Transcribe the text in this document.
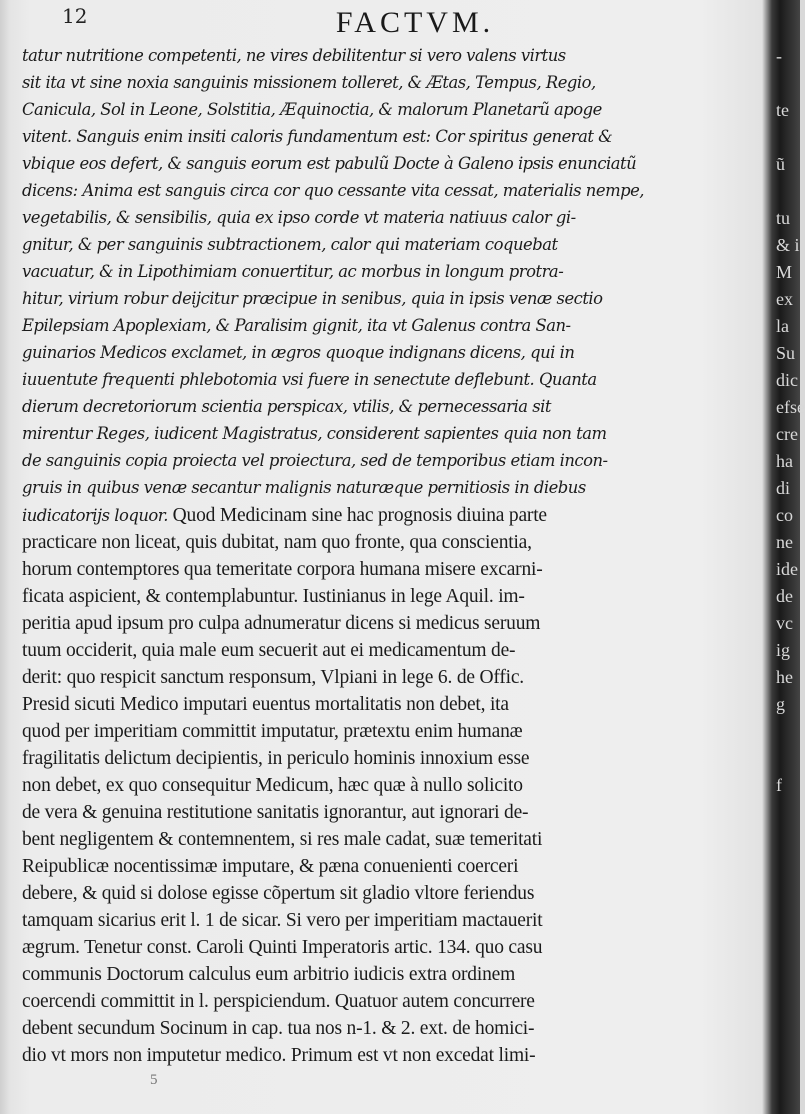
12	FACTVM.
tatur nutritione competenti, ne vires debilitentur si vero valens virtus
sit ita vt sine noxia sanguinis missionem tolleret, & Ætas, Tempus, Regio,
Canicula, Sol in Leone, Solstitia, Æquinoctia, & malorum Planetarũ apoge
vitent. Sanguis enim insiti caloris fundamentum est: Cor spiritus generat &
vbique eos defert, & sanguis eorum est pabulũ Docte à Galeno ipsis enunciatũ
dicens: Anima est sanguis circa cor quo cessante vita cessat, materialis nempe,
vegetabilis, & sensibilis, quia ex ipso corde vt materia natiuus calor gi-
gnitur, & per sanguinis subtractionem, calor qui materiam coquebat
vacuatur, & in Lipothimiam conuertitur, ac morbus in longum protra-
hitur, virium robur deijcitur præcipue in senibus, quia in ipsis venæ sectio
Epilepsiam Apoplexiam, & Paralisim gignit, ita vt Galenus contra San-
guinarios Medicos exclamet, in ægros quoque indignans dicens, qui in
iuuentute frequenti phlebotomia vsi fuere in senectute deflebunt. Quanta
dierum decretoriorum scientia perspicax, vtilis, & pernecessaria sit
mirentur Reges, iudicent Magistratus, considerent sapientes quia non tam
de sanguinis copia proiecta vel proiectura, sed de temporibus etiam incon-
gruis in quibus venæ secantur malignis naturæque pernitiosis in diebus
iudicatorijs loquor. Quod Medicinam sine hac prognosis diuina parte
practicare non liceat, quis dubitat, nam quo fronte, qua conscientia,
horum contemptores qua temeritate corpora humana misere excarni-
ficata aspicient, & contemplabuntur. Iustinianus in lege Aquil. im-
peritia apud ipsum pro culpa adnumeratur dicens si medicus seruum
tuum occiderit, quia male eum secuerit aut ei medicamentum de-
derit: quo respicit sanctum responsum, Vlpiani in lege 6. de Offic.
Presid sicuti Medico imputari euentus mortalitatis non debet, ita
quod per imperitiam committit imputatur, prætextu enim humanæ
fragilitatis delictum decipientis, in periculo hominis innoxium esse
non debet, ex quo consequitur Medicum, hæc quæ à nullo solicito
de vera & genuina restitutione sanitatis ignorantur, aut ignorari de-
bent negligentem & contemnentem, si res male cadat, suæ temeritati
Reipublicæ nocentissimæ imputare, & pæna conuenienti coerceri
debere, & quid si dolose egisse cõpertum sit gladio vltore feriendus
tamquam sicarius erit l. 1 de sicar. Si vero per imperitiam mactauerit
ægrum. Tenetur const. Caroli Quinti Imperatoris artic. 134. quo casu
communis Doctorum calculus eum arbitrio iudicis extra ordinem
coercendi committit in l. perspiciendum. Quatuor autem concurrere
debent secundum Socinum in cap. tua nos n-1. & 2. ext. de homici-
dio vt mors non imputetur medico. Primum est vt non excedat limi-
-
te
ũ
tu
& i
M
ex
la
Su
dic
efse
cre
ha
di
co
ne
ide
de
vc
ig
he
g
f
5
